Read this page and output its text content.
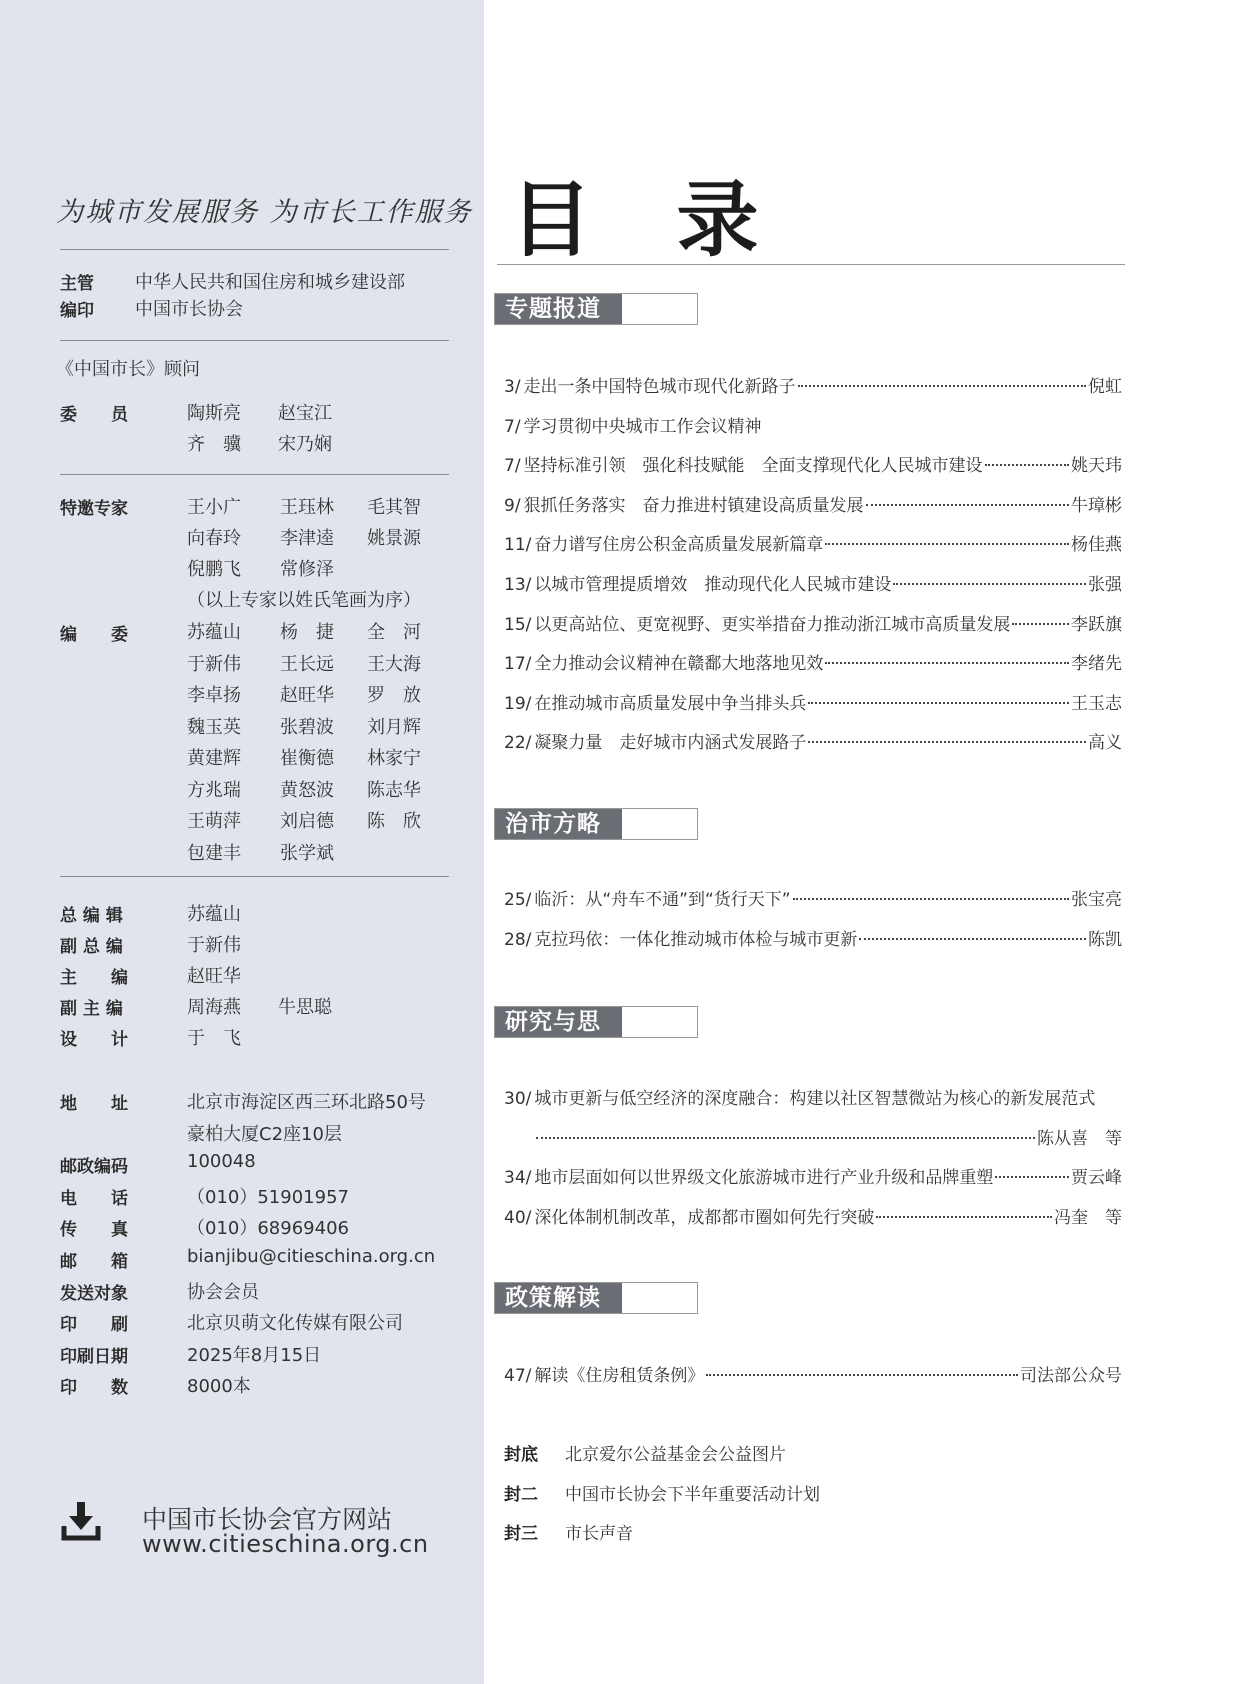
为城市发展服务 为市长工作服务
主管 中华人民共和国住房和城乡建设部
编印 中国市长协会
《中国市长》顾问
委　　员	陶斯亮 赵宝江
齐　骥 宋乃娴
特邀专家	王小广 王珏林 毛其智
向春玲 李津逵 姚景源
倪鹏飞 常修泽
（以上专家以姓氏笔画为序）
编　　委	苏蕴山 杨　捷 全　河
于新伟 王长远 王大海
李卓扬 赵旺华 罗　放
魏玉英 张碧波 刘月辉
黄建辉 崔衡德 林家宁
方兆瑞 黄怒波 陈志华
王萌萍 刘启德 陈　欣
包建丰 张学斌
总 编 辑	苏蕴山
副 总 编	于新伟
主　　编	赵旺华
副 主 编	周海燕 牛思聪
设　　计	于　飞
地　　址	北京市海淀区西三环北路50号
豪柏大厦C2座10层
邮政编码	100048
电　　话	（010）51901957
传　　真	（010）68969406
邮　　箱	bianjibu@citieschina.org.cn
发送对象	协会会员
印　　刷	北京贝萌文化传媒有限公司
印刷日期	2025年8月15日
印　　数	8000本
中国市长协会官方网站
www.citieschina.org.cn
目 录
专题报道
3/ 走出一条中国特色城市现代化新路子	倪虹
7/ 学习贯彻中央城市工作会议精神
7/ 坚持标准引领　强化科技赋能　全面支撑现代化人民城市建设	姚天玮
9/ 狠抓任务落实　奋力推进村镇建设高质量发展	牛璋彬
11/ 奋力谱写住房公积金高质量发展新篇章	杨佳燕
13/ 以城市管理提质增效　推动现代化人民城市建设	张强
15/ 以更高站位、更宽视野、更实举措奋力推动浙江城市高质量发展	李跃旗
17/ 全力推动会议精神在赣鄱大地落地见效	李绪先
19/ 在推动城市高质量发展中争当排头兵	王玉志
22/ 凝聚力量　走好城市内涵式发展路子	高义
治市方略
25/ 临沂：从“舟车不通”到“货行天下”	张宝亮
28/ 克拉玛依：一体化推动城市体检与城市更新	陈凯
研究与思考
30/ 城市更新与低空经济的深度融合：构建以社区智慧微站为核心的新发展范式
陈从喜　等
34/ 地市层面如何以世界级文化旅游城市进行产业升级和品牌重塑	贾云峰
40/ 深化体制机制改革，成都都市圈如何先行突破	冯奎　等
政策解读
47/ 解读《住房租赁条例》	司法部公众号
封底 北京爱尔公益基金会公益图片
封二 中国市长协会下半年重要活动计划
封三 市长声音
